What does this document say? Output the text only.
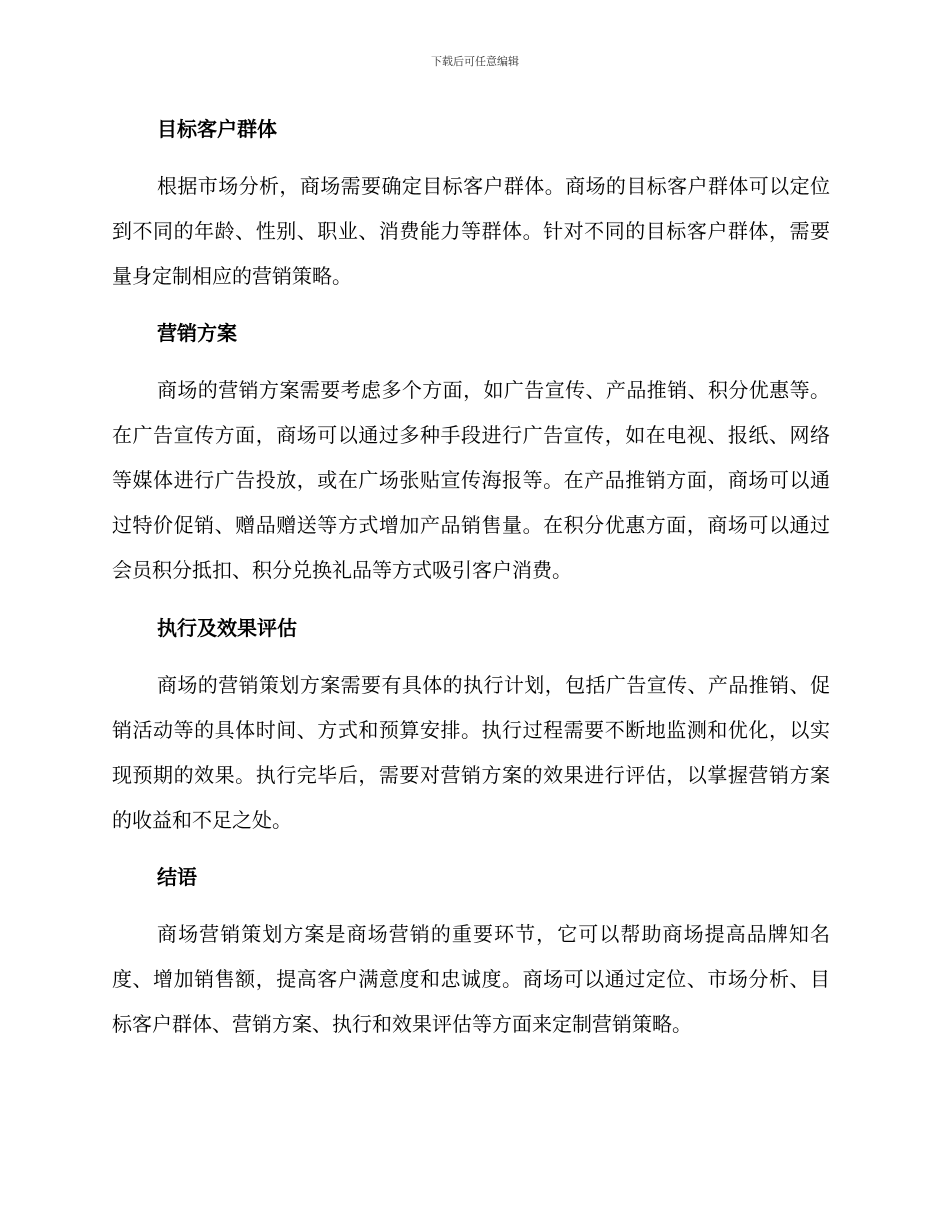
下载后可任意编辑
目标客户群体

根据市场分析，商场需要确定目标客户群体。商场的目标客户群体可以定位到不同的年龄、性别、职业、消费能力等群体。针对不同的目标客户群体，需要量身定制相应的营销策略。

营销方案

商场的营销方案需要考虑多个方面，如广告宣传、产品推销、积分优惠等。在广告宣传方面，商场可以通过多种手段进行广告宣传，如在电视、报纸、网络等媒体进行广告投放，或在广场张贴宣传海报等。在产品推销方面，商场可以通过特价促销、赠品赠送等方式增加产品销售量。在积分优惠方面，商场可以通过会员积分抵扣、积分兑换礼品等方式吸引客户消费。

执行及效果评估

商场的营销策划方案需要有具体的执行计划，包括广告宣传、产品推销、促销活动等的具体时间、方式和预算安排。执行过程需要不断地监测和优化，以实现预期的效果。执行完毕后，需要对营销方案的效果进行评估，以掌握营销方案的收益和不足之处。

结语

商场营销策划方案是商场营销的重要环节，它可以帮助商场提高品牌知名度、增加销售额，提高客户满意度和忠诚度。商场可以通过定位、市场分析、目标客户群体、营销方案、执行和效果评估等方面来定制营销策略。
